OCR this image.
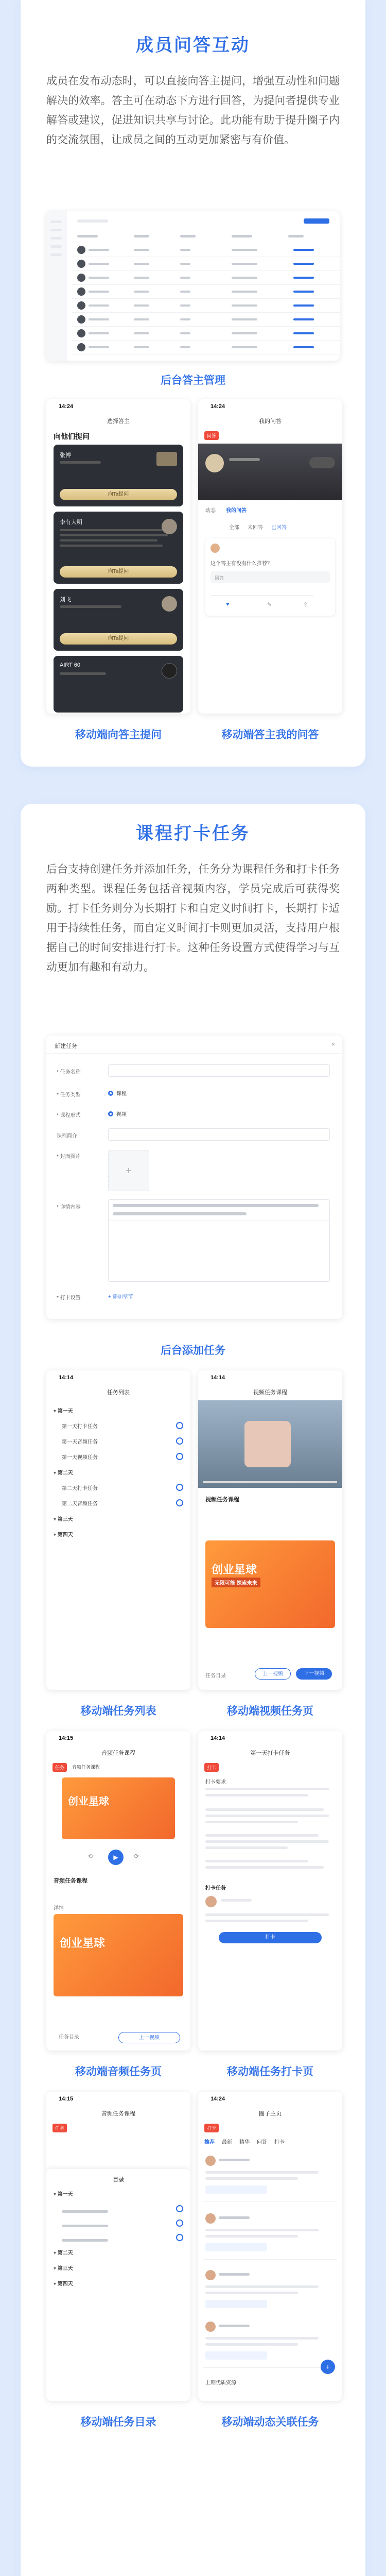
成员问答互动
成员在发布动态时，可以直接向答主提问，增强互动性和问题解决的效率。答主可在动态下方进行回答，为提问者提供专业解答或建议，促进知识共享与讨论。此功能有助于提升圈子内的交流氛围，让成员之间的互动更加紧密与有价值。
后台答主管理
14:24
选择答主
向他们提问
张博
向Ta提问
李有大明
向Ta提问
刘飞
向Ta提问
AIRT 60
移动端向答主提问
14:24
我的问答
问答
动态 我的问答
全部 未回答 已回答
这个答主有没有什么推荐？
回答
♥	✎	⇪
移动端答主我的问答
课程打卡任务
后台支持创建任务并添加任务，任务分为课程任务和打卡任务两种类型。课程任务包括音视频内容，学员完成后可获得奖励。打卡任务则分为长期打卡和自定义时间打卡，长期打卡适用于持续性任务，而自定义时间打卡则更加灵活，支持用户根据自己的时间安排进行打卡。这种任务设置方式使得学习与互动更加有趣和有动力。
新建任务	×
* 任务名称
* 任务类型	课程
* 课程形式	视频
课程简介
* 封面图片
+
* 详情内容
* 打卡设置	+ 添加章节
后台添加任务
14:14
任务列表
▾ 第一天
第一天打卡任务
第一天音频任务
第一天视频任务
▾ 第二天
第二天打卡任务
第二天音频任务
▾ 第三天
▾ 第四天
移动端任务列表
14:14
视频任务课程
视频任务课程
创业星球
无限可能 探索未来
任务目录	上一视频	下一视频
移动端视频任务页
14:15
音频任务课程
任务	音频任务课程
创业星球
▶
⟲	⟳
音频任务课程
详情
创业星球
任务目录	上一视频
移动端音频任务页
14:14
第一天打卡任务
打卡
打卡要求
打卡任务
打卡
移动端任务打卡页
14:15
音频任务课程
任务
目录
▾ 第一天
▾ 第二天
▾ 第三天
▾ 第四天
移动端任务目录
14:24
圈子主页
打卡
推荐 最新 精华 问答 打卡
上期优质资源
+
移动端动态关联任务
